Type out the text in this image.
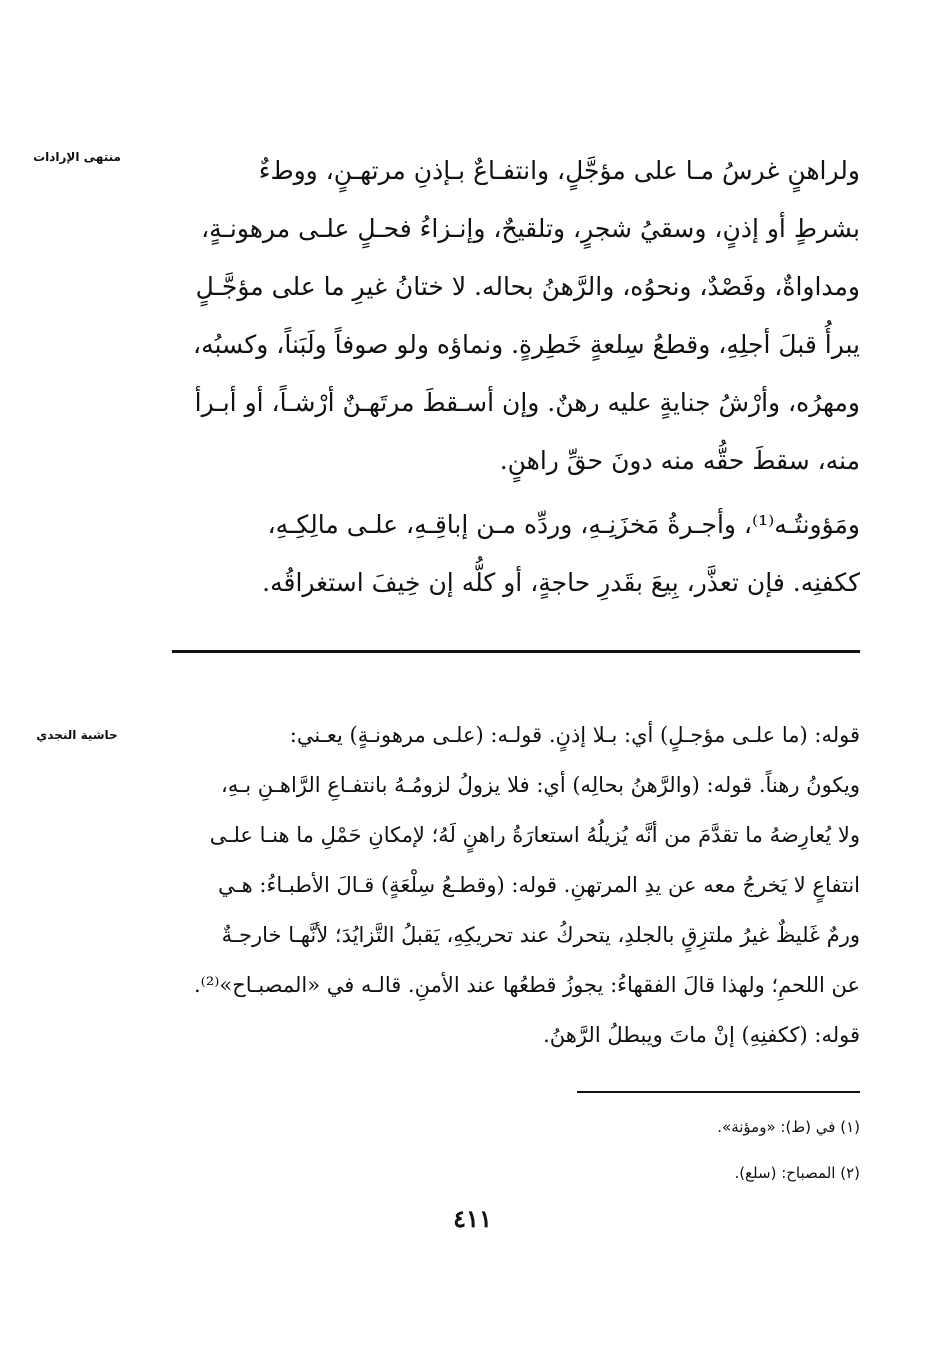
منتهى الإرادات
حاشية النجدي

ولراهنٍ غرسُ مـا على مؤجَّلٍ، وانتفـاعٌ بـإذنِ مرتهـنٍ، ووطءٌ
بشرطٍ أو إذنٍ، وسقيُ شجرٍ، وتلقيحٌ، وإنـزاءُ فحـلٍ علـى مرهونـةٍ،
ومداواةٌ، وفَصْدٌ، ونحوُه، والرَّهنُ بحاله. لا ختانُ غيرِ ما على مؤجَّـلٍ
يبرأُ قبلَ أجلِهِ، وقطعُ سِلعةٍ خَطِرةٍ. ونماؤه ولو صوفاً ولَبَناً، وكسبُه،
ومهرُه، وأرْشُ جنايةٍ عليه رهنٌ. وإن أسـقطَ مرتَهـنٌ أرْشـاً، أو أبـرأ
منه، سقطَ حقُّه منه دونَ حقِّ راهنٍ.

ومَؤونتُـه⁽¹⁾، وأجـرةُ مَخزَنِـهِ، وردِّه مـن إباقِـهِ، علـى مالِكِـهِ،
ككفنِه. فإن تعذَّر، بِيعَ بقَدرِ حاجةٍ، أو كلُّه إن خِيفَ استغراقُه.

قوله: (ما علـى مؤجـلٍ) أي: بـلا إذنٍ. قولـه: (علـى مرهونـةٍ) يعـني:
ويكونُ رهناً. قوله: (والرَّهنُ بحالِه) أي: فلا يزولُ لزومُـهُ بانتفـاعِ الرَّاهـنِ بـهِ،
ولا يُعارِضهُ ما تقدَّمَ من أنَّه يُزيلُهُ استعارَةُ راهنٍ لَهُ؛ لإمكانِ حَمْلِ ما هنـا علـى
انتفاعٍ لا يَخرجُ معه عن يدِ المرتهنِ. قوله: (وقطـعُ سِلْعَةٍ) قـالَ الأطبـاءُ: هـي
ورمٌ غَليظٌ غيرُ ملتزِقٍ بالجلدِ، يتحركُ عند تحريكِهِ، يَقبلُ التَّزايُدَ؛ لأنَّهـا خارجـةٌ
عن اللحمِ؛ ولهذا قالَ الفقهاءُ: يجوزُ قطعُها عند الأمنِ. قالـه في «المصبـاح»⁽²⁾.
قوله: (ككفنِهِ) إنْ ماتَ ويبطلُ الرَّهنُ.
(١) في (ط): «ومؤنة».
(٢) المصباح: (سلع).
٤١١
